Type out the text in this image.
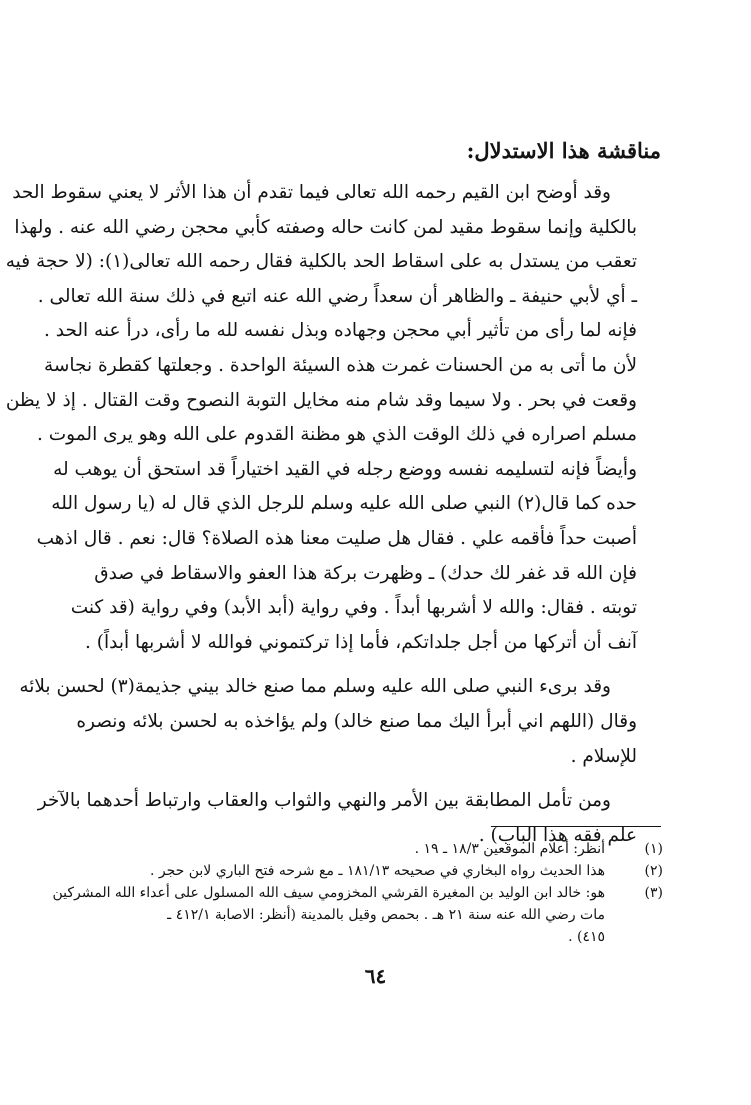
مناقشة هذا الاستدلال:

وقد أوضح ابن القيم رحمه الله تعالى فيما تقدم أن هذا الأثر لا يعني سقوط الحد
بالكلية وإنما سقوط مقيد لمن كانت حاله وصفته كأبي محجن رضي الله عنه . ولهذا
تعقب من يستدل به على اسقاط الحد بالكلية فقال رحمه الله تعالى(١): (لا حجة فيه
ـ أي لأبي حنيفة ـ والظاهر أن سعداً رضي الله عنه اتبع في ذلك سنة الله تعالى .
فإنه لما رأى من تأثير أبي محجن وجهاده وبذل نفسه لله ما رأى، درأ عنه الحد .
لأن ما أتى به من الحسنات غمرت هذه السيئة الواحدة . وجعلتها كقطرة نجاسة
وقعت في بحر . ولا سيما وقد شام منه مخايل التوبة النصوح وقت القتال . إذ لا يظن
مسلم اصراره في ذلك الوقت الذي هو مظنة القدوم على الله وهو يرى الموت .
وأيضاً فإنه لتسليمه نفسه ووضع رجله في القيد اختياراً قد استحق أن يوهب له
حده كما قال(٢) النبي صلى الله عليه وسلم للرجل الذي قال له (يا رسول الله
أصبت حداً فأقمه علي . فقال هل صليت معنا هذه الصلاة؟ قال: نعم . قال اذهب
فإن الله قد غفر لك حدك) ـ وظهرت بركة هذا العفو والاسقاط في صدق
توبته . فقال: والله لا أشربها أبداً . وفي رواية (أبد الأبد) وفي رواية (قد كنت
آنف أن أتركها من أجل جلداتكم، فأما إذا تركتموني فوالله لا أشربها أبداً) .

وقد برىء النبي صلى الله عليه وسلم مما صنع خالد بيني جذيمة(٣) لحسن بلائه
وقال (اللهم اني أبرأ اليك مما صنع خالد) ولم يؤاخذه به لحسن بلائه ونصره
للإسلام .

ومن تأمل المطابقة بين الأمر والنهي والثواب والعقاب وارتباط أحدهما بالآخر
علم فقه هذا الباب) .

(١)
أنظر: أعلام الموقعين ١٨/٣ ـ ١٩ .
(٢)
هذا الحديث رواه البخاري في صحيحه ١٨١/١٣ ـ مع شرحه فتح الباري لابن حجر .
(٣)
هو: خالد ابن الوليد بن المغيرة القرشي المخزومي سيف الله المسلول على أعداء الله المشركين
مات رضي الله عنه سنة ٢١ هـ . بحمص وقيل بالمدينة (أنظر: الاصابة ٤١٢/١ ـ
٤١٥) .
٦٤
